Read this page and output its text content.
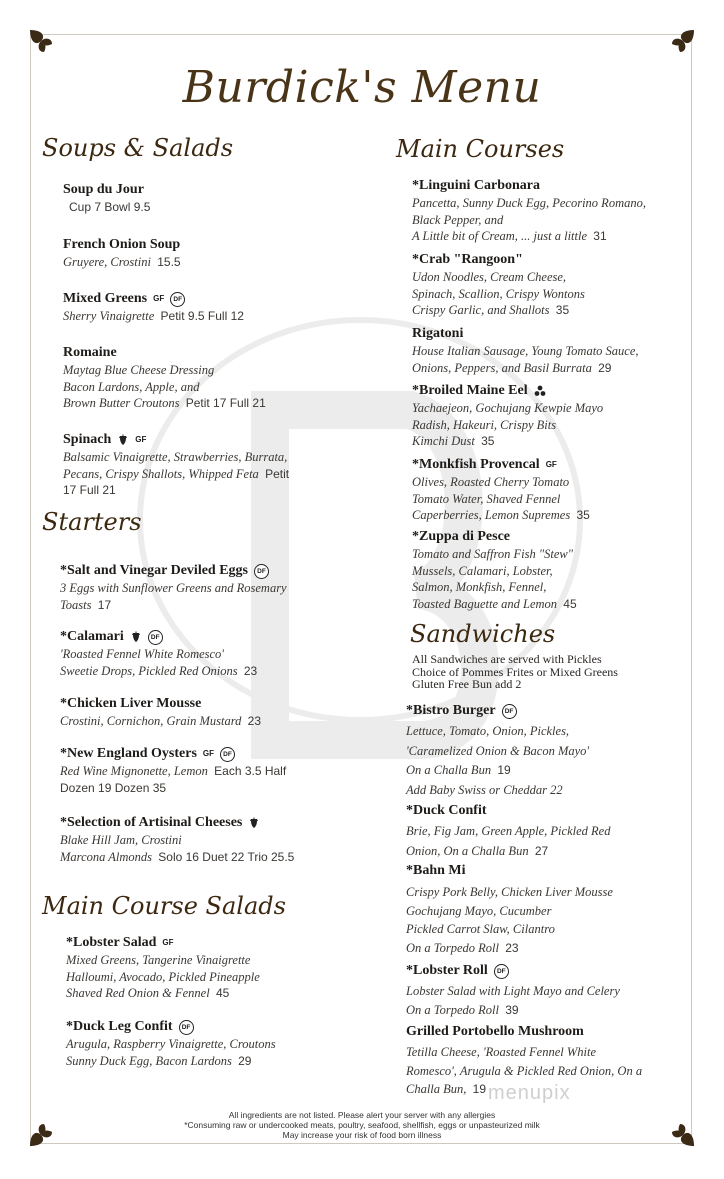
Burdick's Menu
Soups & Salads
Starters
Main Course Salads
Main Courses
Sandwiches
Soup du Jour
Cup 7 Bowl 9.5
French Onion Soup
Gruyere, Crostini 15.5
Mixed Greens GF	DF
Sherry Vinaigrette Petit 9.5 Full 12
Romaine
Maytag Blue Cheese Dressing
Bacon Lardons, Apple, and
Brown Butter Croutons Petit 17 Full 21
Spinach	GF
Balsamic Vinaigrette, Strawberries, Burrata,
Pecans, Crispy Shallots, Whipped Feta Petit
17 Full 21
*Salt and Vinegar Deviled Eggs	DF
3 Eggs with Sunflower Greens and Rosemary
Toasts 17
*Calamari	DF
'Roasted Fennel White Romesco'
Sweetie Drops, Pickled Red Onions 23
*Chicken Liver Mousse
Crostini, Cornichon, Grain Mustard 23
*New England Oysters GF	DF
Red Wine Mignonette, Lemon Each 3.5 Half
Dozen 19 Dozen 35
*Selection of Artisinal Cheeses
Blake Hill Jam, Crostini
Marcona Almonds Solo 16 Duet 22 Trio 25.5
*Lobster Salad GF
Mixed Greens, Tangerine Vinaigrette
Halloumi, Avocado, Pickled Pineapple
Shaved Red Onion & Fennel 45
*Duck Leg Confit	DF
Arugula, Raspberry Vinaigrette, Croutons
Sunny Duck Egg, Bacon Lardons 29
*Linguini Carbonara
Pancetta, Sunny Duck Egg, Pecorino Romano,
Black Pepper, and
A Little bit of Cream, ... just a little 31
*Crab "Rangoon"
Udon Noodles, Cream Cheese,
Spinach, Scallion, Crispy Wontons
Crispy Garlic, and Shallots 35
Rigatoni
House Italian Sausage, Young Tomato Sauce,
Onions, Peppers, and Basil Burrata 29
*Broiled Maine Eel
Yachaejeon, Gochujang Kewpie Mayo
Radish, Hakeuri, Crispy Bits
Kimchi Dust 35
*Monkfish Provencal GF
Olives, Roasted Cherry Tomato
Tomato Water, Shaved Fennel
Caperberries, Lemon Supremes 35
*Zuppa di Pesce
Tomato and Saffron Fish "Stew"
Mussels, Calamari, Lobster,
Salmon, Monkfish, Fennel,
Toasted Baguette and Lemon 45
All Sandwiches are served with Pickles
Choice of Pommes Frites or Mixed Greens
Gluten Free Bun add 2
*Bistro Burger	DF
Lettuce, Tomato, Onion, Pickles,
'Caramelized Onion & Bacon Mayo'
On a Challa Bun 19
Add Baby Swiss or Cheddar 22
*Duck Confit
Brie, Fig Jam, Green Apple, Pickled Red
Onion, On a Challa Bun 27
*Bahn Mi
Crispy Pork Belly, Chicken Liver Mousse
Gochujang Mayo, Cucumber
Pickled Carrot Slaw, Cilantro
On a Torpedo Roll 23
*Lobster Roll	DF
Lobster Salad with Light Mayo and Celery
On a Torpedo Roll 39
Grilled Portobello Mushroom
Tetilla Cheese, 'Roasted Fennel White
Romesco', Arugula & Pickled Red Onion, On a
Challa Bun, 19 menupix
All ingredients are not listed. Please alert your server with any allergies
*Consuming raw or undercooked meats, poultry, seafood, shellfish, eggs or unpasteurized milk
May increase your risk of food born illness
